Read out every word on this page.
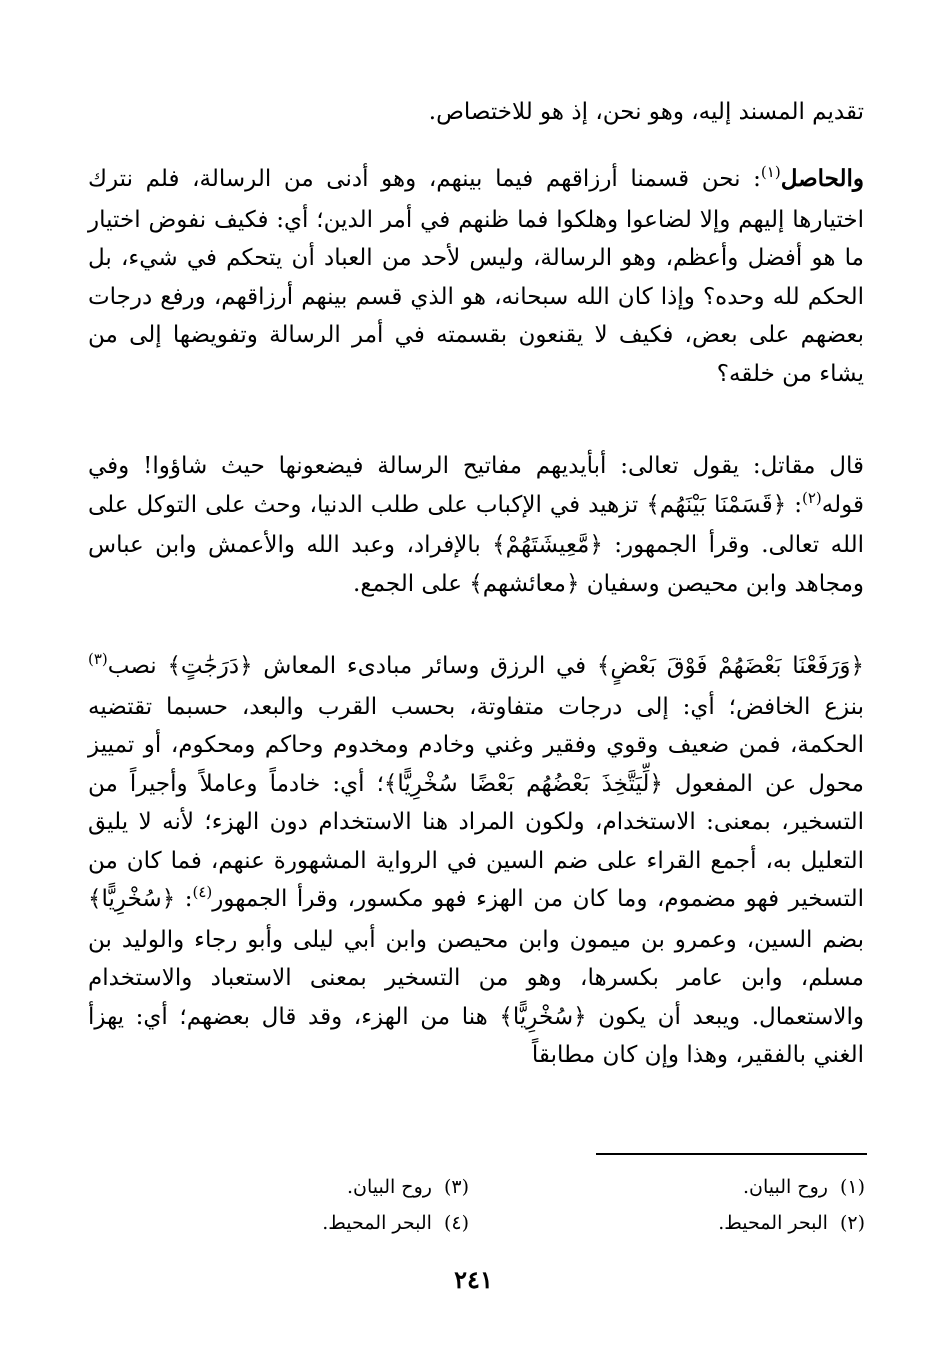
تقديم المسند إليه، وهو نحن، إذ هو للاختصاص.
والحاصل$^{(١)}$: نحن قسمنا أرزاقهم فيما بينهم، وهو أدنى من الرسالة، فلم نترك اختيارها إليهم وإلا لضاعوا وهلكوا فما ظنهم في أمر الدين؛ أي: فكيف نفوض اختيار ما هو أفضل وأعظم، وهو الرسالة، وليس لأحد من العباد أن يتحكم في شيء، بل الحكم لله وحده؟ وإذا كان الله سبحانه، هو الذي قسم بينهم أرزاقهم، ورفع درجات بعضهم على بعض، فكيف لا يقنعون بقسمته في أمر الرسالة وتفويضها إلى من يشاء من خلقه؟
قال مقاتل: يقول تعالى: أبأيديهم مفاتيح الرسالة فيضعونها حيث شاؤوا! وفي قوله$^{(٢)}$: ﴿قَسَمْنَا بَيْنَهُم﴾ تزهيد في الإكباب على طلب الدنيا، وحث على التوكل على الله تعالى. وقرأ الجمهور: ﴿مَّعِيشَتَهُمْ﴾ بالإفراد، وعبد الله والأعمش وابن عباس ومجاهد وابن محيصن وسفيان ﴿معائشهم﴾ على الجمع.
﴿وَرَفَعْنَا بَعْضَهُمْ فَوْقَ بَعْضٍ﴾ في الرزق وسائر مبادىء المعاش ﴿دَرَجَٰتٍ﴾ نصب$^{(٣)}$ بنزع الخافض؛ أي: إلى درجات متفاوتة، بحسب القرب والبعد، حسبما تقتضيه الحكمة، فمن ضعيف وقوي وفقير وغني وخادم ومخدوم وحاكم ومحكوم، أو تمييز محول عن المفعول ﴿لِّيَتَّخِذَ بَعْضُهُم بَعْضًا سُخْرِيًّا﴾؛ أي: خادماً وعاملاً وأجيراً من التسخير، بمعنى: الاستخدام، ولكون المراد هنا الاستخدام دون الهزء؛ لأنه لا يليق التعليل به، أجمع القراء على ضم السين في الرواية المشهورة عنهم، فما كان من التسخير فهو مضموم، وما كان من الهزء فهو مكسور، وقرأ الجمهور$^{(٤)}$: ﴿سُخْرِيًّا﴾ بضم السين، وعمرو بن ميمون وابن محيصن وابن أبي ليلى وأبو رجاء والوليد بن مسلم، وابن عامر بكسرها، وهو من التسخير بمعنى الاستعباد والاستخدام والاستعمال. ويبعد أن يكون ﴿سُخْرِيًّا﴾ هنا من الهزء، وقد قال بعضهم؛ أي: يهزأ الغني بالفقير، وهذا وإن كان مطابقاً
(١)روح البيان.
(٢)البحر المحيط.
(٣)روح البيان.
(٤)البحر المحيط.
٢٤١
